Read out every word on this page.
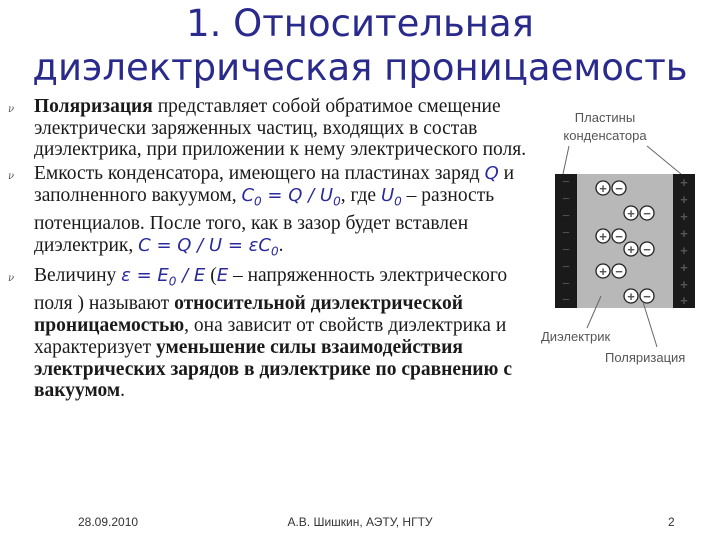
1. Относительная
диэлектрическая проницаемость
ν Поляризация представляет собой обратимое смещение электрически заряженных частиц, входящих в состав диэлектрика, при приложении к нему электрического поля.
ν Емкость конденсатора, имеющего на пластинах заряд Q и заполненного вакуумом, $C_0 = Q / U_0$, где $U_0$ – разность потенциалов. После того, как в зазор будет вставлен диэлектрик, $C = Q / U = \varepsilon C_0$.
ν Величину $\varepsilon = E_0 / E$ (E – напряженность электрического поля ) называют относительной диэлектрической проницаемостью, она зависит от свойств диэлектрика и характеризует уменьшение силы взаимодействия электрических зарядов в диэлектрике по сравнению с вакуумом.
Пластины
конденсатора
−
−
−
−
−
−
−
−
+
+
+
+
+
+
+
+
+ −
+ −
+ −
+ −
+ −
+ −
Диэлектрик
Поляризация
28.09.2010	А.В. Шишкин, АЭТУ, НГТУ	2
